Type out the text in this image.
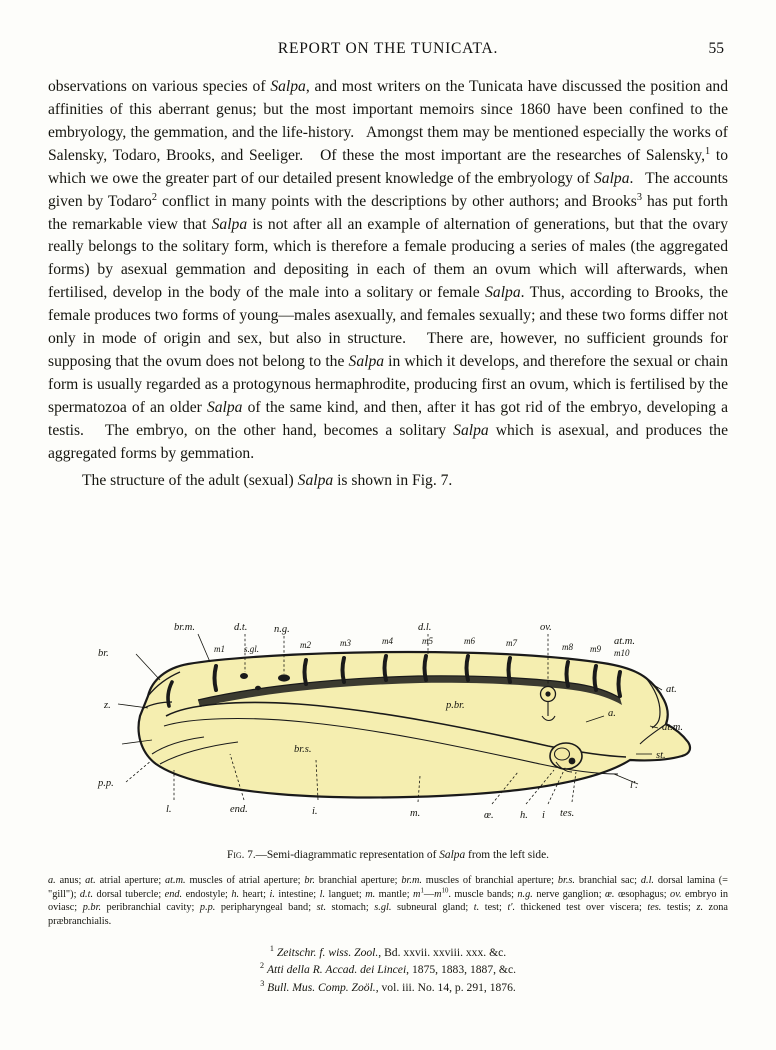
REPORT ON THE TUNICATA.	55

observations on various species of Salpa, and most writers on the Tunicata have discussed the position and affinities of this aberrant genus; but the most important memoirs since 1860 have been confined to the embryology, the gemmation, and the life-history.   Amongst them may be mentioned especially the works of Salensky, Todaro, Brooks, and Seeliger.   Of these the most important are the researches of Salensky,$^1$ to which we owe the greater part of our detailed present knowledge of the embryology of Salpa.   The accounts given by Todaro$^2$ conflict in many points with the descriptions by other authors; and Brooks$^3$ has put forth the remarkable view that Salpa is not after all an example of alternation of generations, but that the ovary really belongs to the solitary form, which is therefore a female producing a series of males (the aggregated forms) by asexual gemmation and depositing in each of them an ovum which will afterwards, when fertilised, develop in the body of the male into a solitary or female Salpa. Thus, according to Brooks, the female produces two forms of young—males asexually, and females sexually; and these two forms differ not only in mode of origin and sex, but also in structure.   There are, however, no sufficient grounds for supposing that the ovum does not belong to the Salpa in which it develops, and therefore the sexual or chain form is usually regarded as a protogynous hermaphrodite, producing first an ovum, which is fertilised by the spermatozoa of an older Salpa of the same kind, and then, after it has got rid of the embryo, developing a testis.   The embryo, on the other hand, becomes a solitary Salpa which is asexual, and produces the aggregated forms by gemmation.

The structure of the adult (sexual) Salpa is shown in Fig. 7.

d.t.	n.g.	d.l.	ov.
at.m.
br.m.
br.
z.
p.p.
l.	end.	i.	m.	œ.	h. i tes.
l'.
st.
at.m.
at.
a.
p.br.
br.s.
s.gl.
m1	m2	m3	m4	m5	m6	m7	m8 m9 m10
Fig. 7.—Semi-diagrammatic representation of Salpa from the left side.
a. anus; at. atrial aperture; at.m. muscles of atrial aperture; br. branchial aperture; br.m. muscles of branchial aperture; br.s. branchial sac; d.l. dorsal lamina (= "gill"); d.t. dorsal tubercle; end. endostyle; h. heart; i. intestine; l. languet; m. mantle; $m^1—m^{10}$. muscle bands; n.g. nerve ganglion; œ. œsophagus; ov. embryo in oviasc; p.br. peribranchial cavity; p.p. peripharyngeal band; st. stomach; s.gl. subneural gland; t. test; t'. thickened test over viscera; tes. testis; z. zona præbranchialis.
$^1$ Zeitschr. f. wiss. Zool., Bd. xxvii. xxviii. xxx. &c.
$^2$ Atti della R. Accad. dei Lincei, 1875, 1883, 1887, &c.
$^3$ Bull. Mus. Comp. Zoöl., vol. iii. No. 14, p. 291, 1876.
